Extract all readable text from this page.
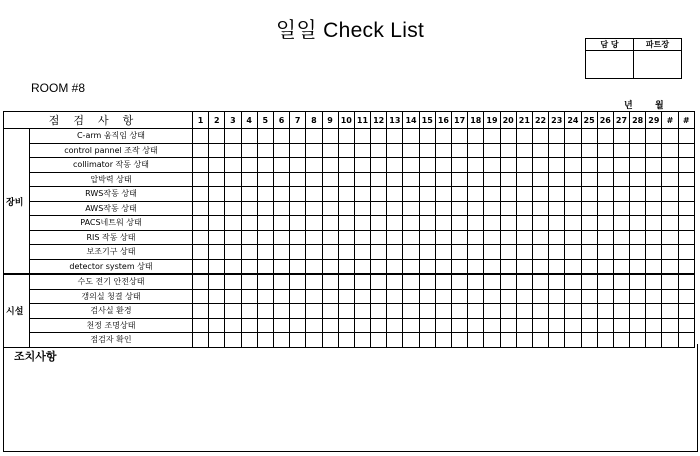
일일 Check List
담 당	파트장

ROOM #8
년 월
점검사항		1	2	3	4	5	6	7	8	9	10	11	12	13	14	15	16	17	18	19	20	21	22	23	24	25	26	27	28	29	#	#
장비	C-arm 움직임 상태																															
	control pannel 조작 상태																															
	collimator 작동 상태																															
	압박력 상태																															
	RWS작동 상태																															
	AWS작동 상태																															
	PACS네트워 상태																															
	RIS 작동 상태																															
	보조기구 상태																															
	detector system 상태																															
시설	수도 전기 안전상태																															
	갱의실 청결 상태																															
	검사실 환경																															
	천정 조명상태																															
	점검자 확인																															
조치사항
